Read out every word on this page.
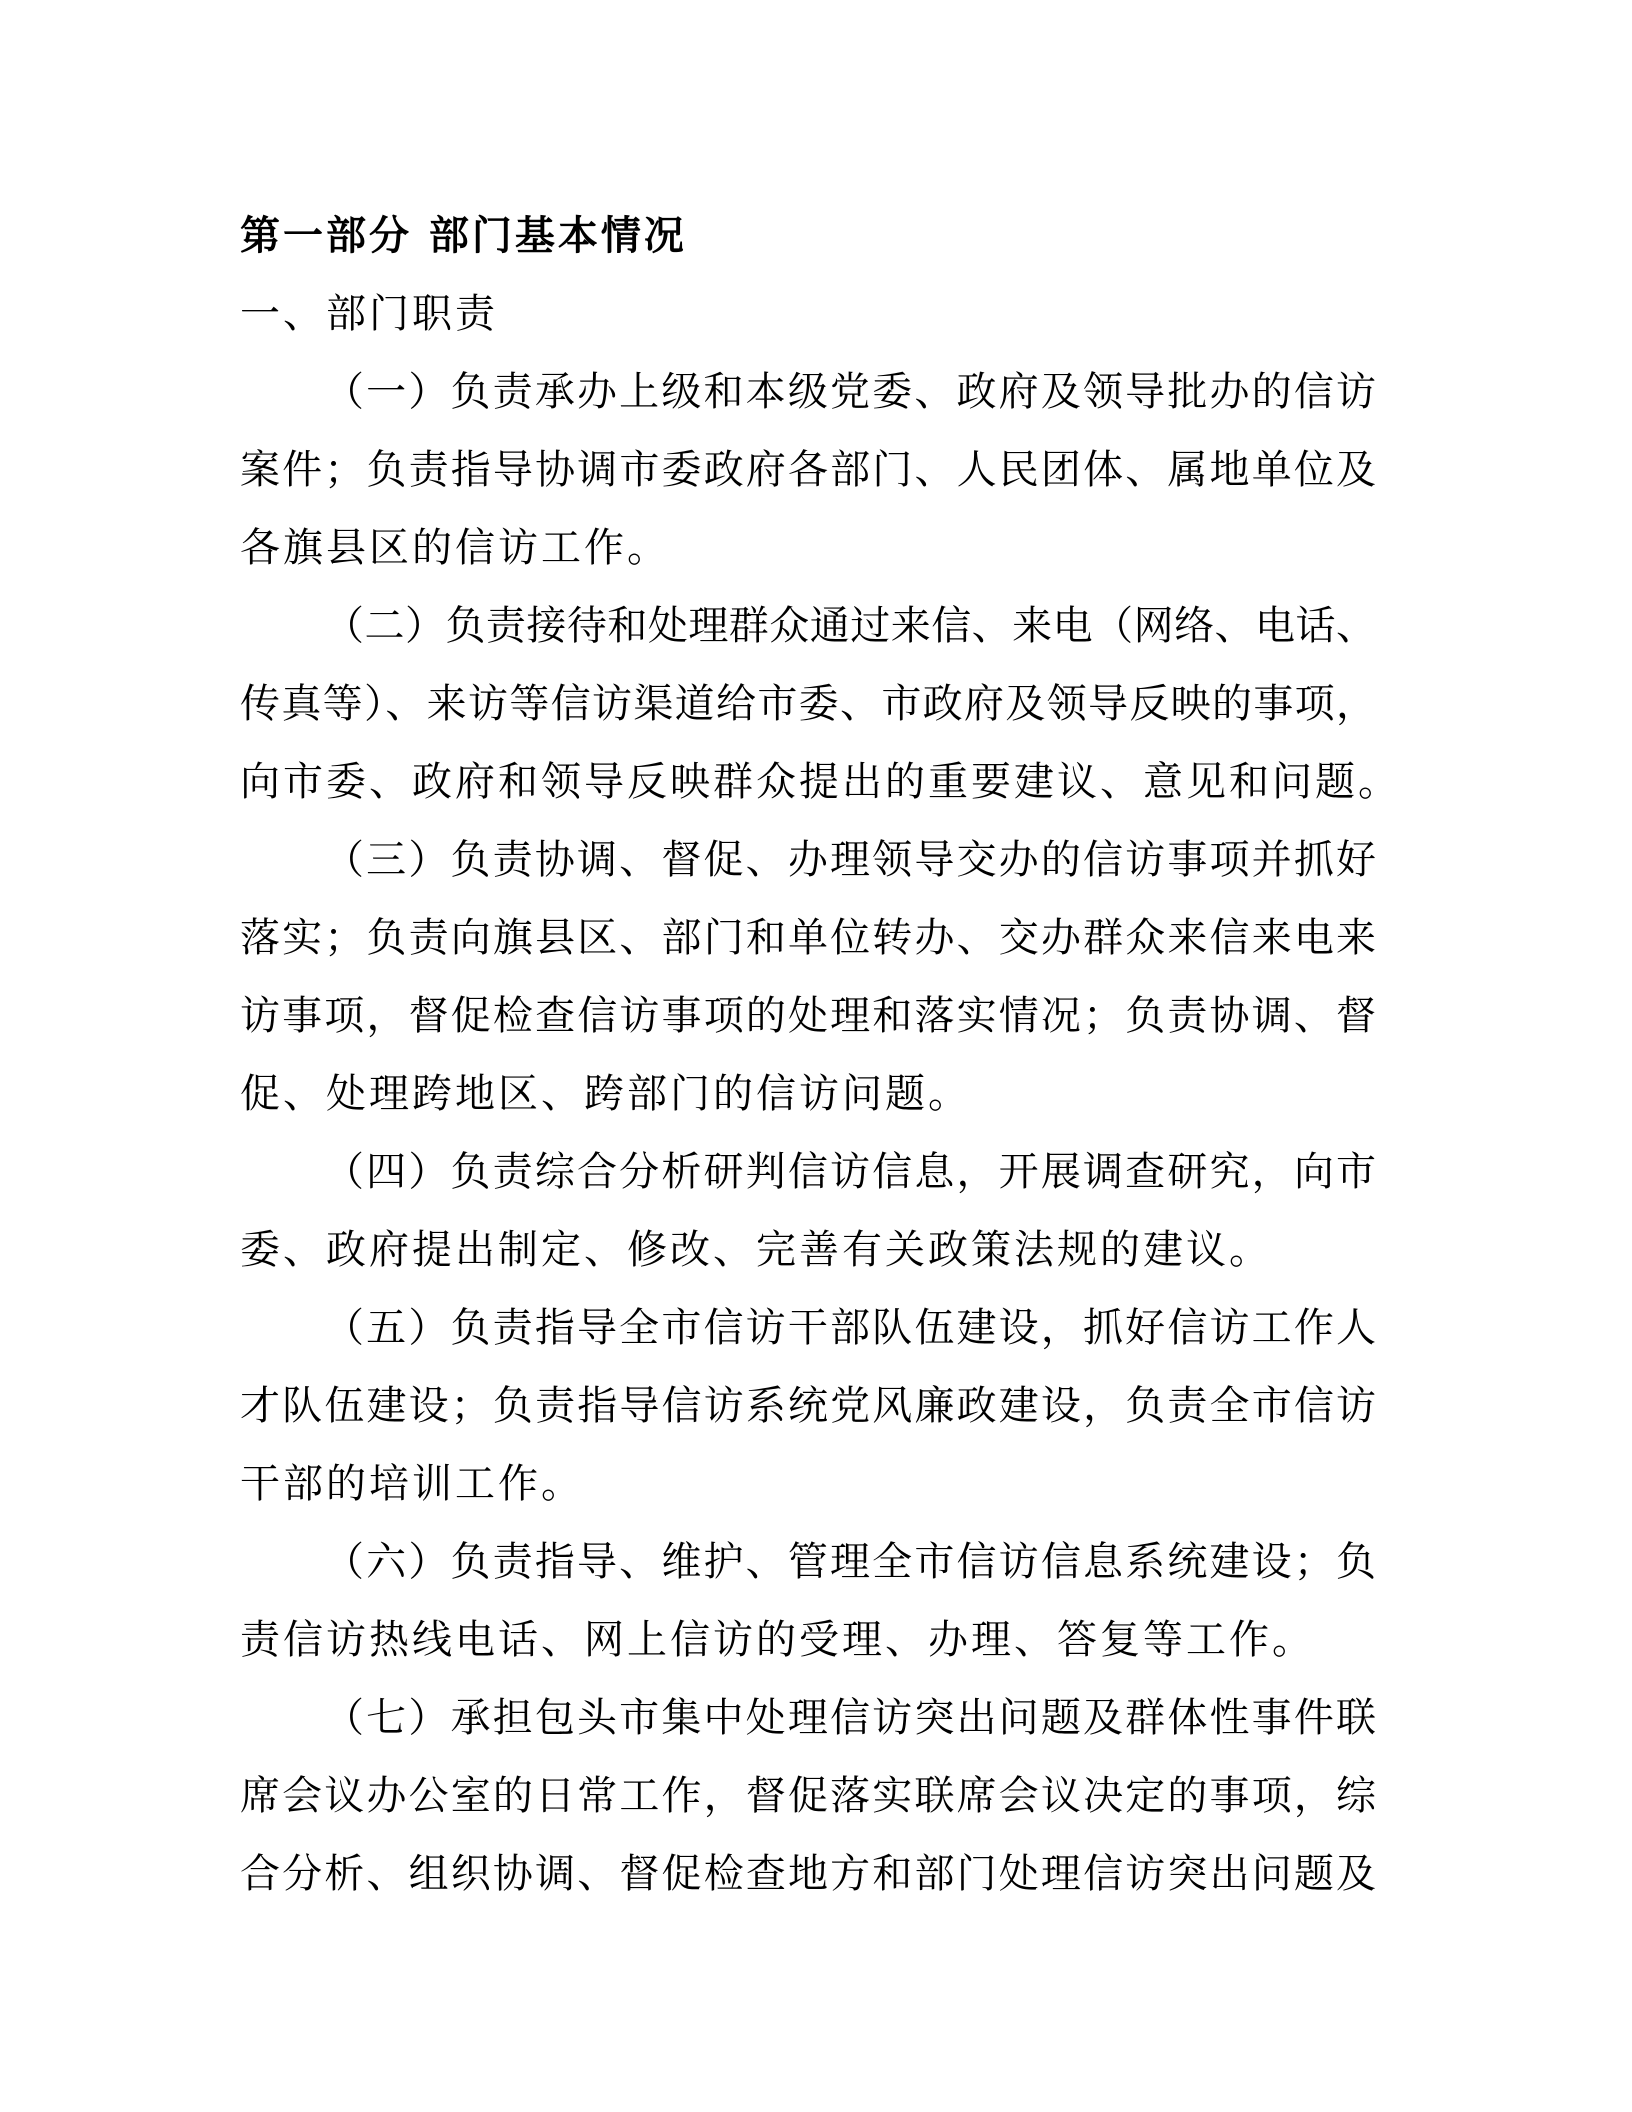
第一部分 部门基本情况
一、部门职责
（一）负责承办上级和本级党委、政府及领导批办的信访
案件；负责指导协调市委政府各部门、人民团体、属地单位及
各旗县区的信访工作。
（二）负责接待和处理群众通过来信、来电（网络、电话、
传真等）、来访等信访渠道给市委、市政府及领导反映的事项，
向市委、政府和领导反映群众提出的重要建议、意见和问题。
（三）负责协调、督促、办理领导交办的信访事项并抓好
落实；负责向旗县区、部门和单位转办、交办群众来信来电来
访事项，督促检查信访事项的处理和落实情况；负责协调、督
促、处理跨地区、跨部门的信访问题。
（四）负责综合分析研判信访信息，开展调查研究，向市
委、政府提出制定、修改、完善有关政策法规的建议。
（五）负责指导全市信访干部队伍建设，抓好信访工作人
才队伍建设；负责指导信访系统党风廉政建设，负责全市信访
干部的培训工作。
（六）负责指导、维护、管理全市信访信息系统建设；负
责信访热线电话、网上信访的受理、办理、答复等工作。
（七）承担包头市集中处理信访突出问题及群体性事件联
席会议办公室的日常工作，督促落实联席会议决定的事项，综
合分析、组织协调、督促检查地方和部门处理信访突出问题及
